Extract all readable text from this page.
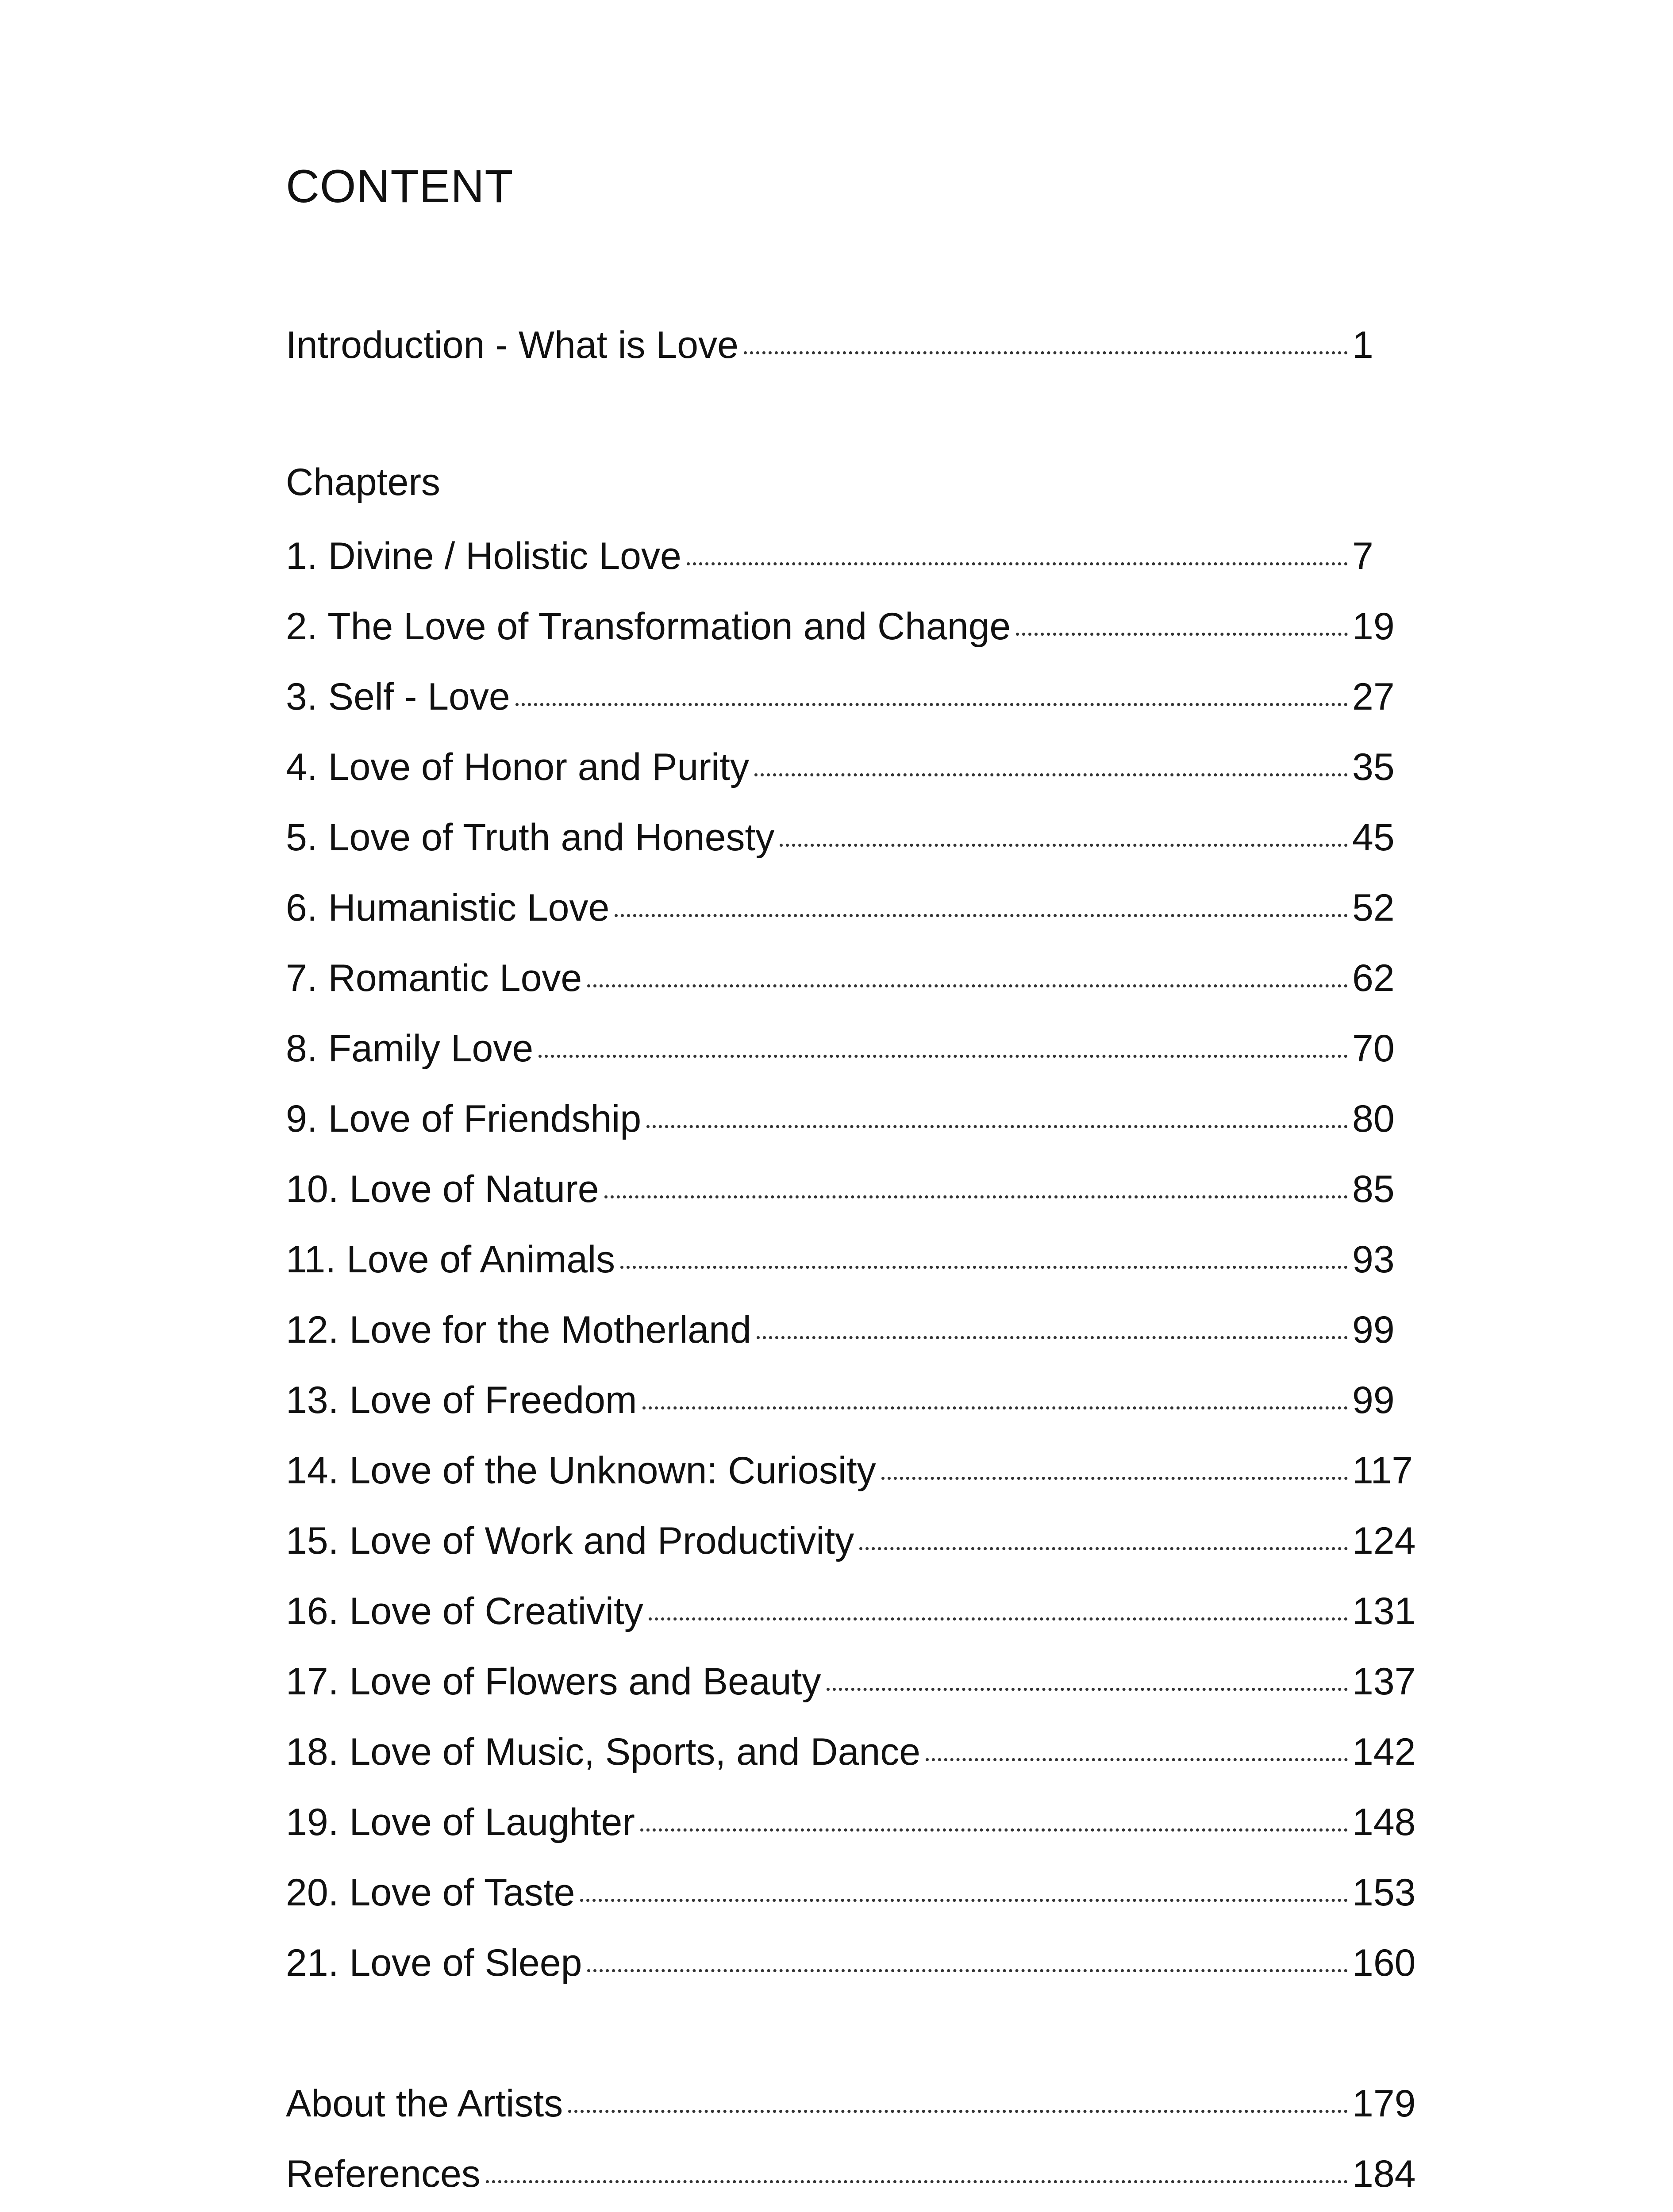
CONTENT
Introduction - What is Love	1
Chapters
1. Divine / Holistic Love	7
2. The Love of Transformation and Change	19
3. Self - Love	27
4. Love of Honor and Purity	35
5. Love of Truth and Honesty	45
6. Humanistic Love	52
7. Romantic Love	62
8. Family Love	70
9. Love of Friendship	80
10. Love of Nature	85
11. Love of Animals	93
12. Love for the Motherland	99
13. Love of Freedom	99
14. Love of the Unknown: Curiosity	117
15. Love of Work and Productivity	124
16. Love of Creativity	131
17. Love of Flowers and Beauty	137
18. Love of Music, Sports, and Dance	142
19. Love of Laughter	148
20. Love of Taste	153
21. Love of Sleep	160
About the Artists	179
References	184
